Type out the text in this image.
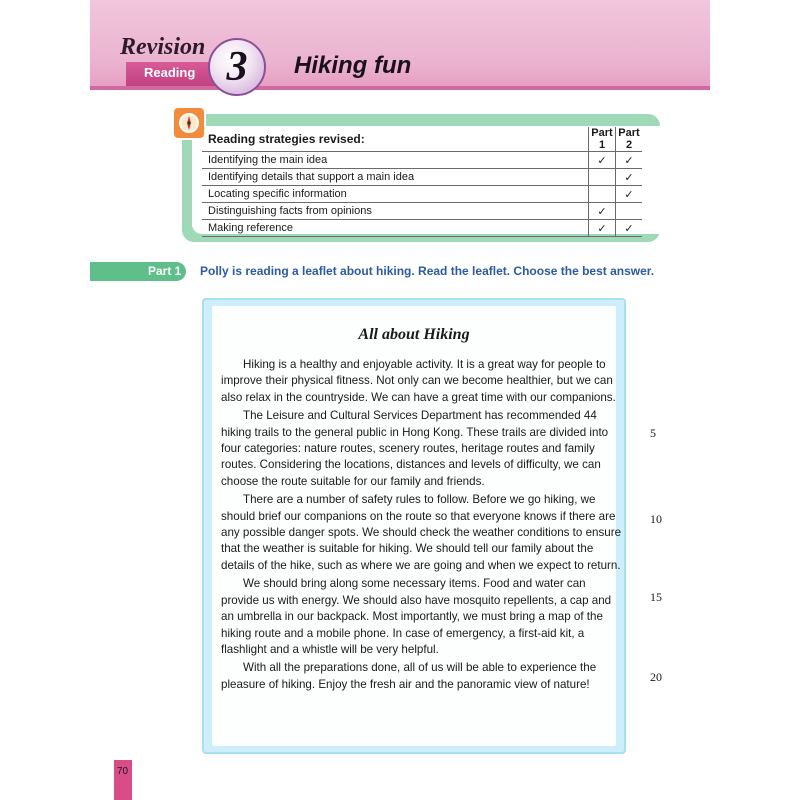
Revision
Reading 3 Hiking fun
Reading strategies revised:	Part 1	Part 2
Identifying the main idea	✓	✓
Identifying details that support a main idea		✓
Locating specific information		✓
Distinguishing facts from opinions	✓	
Making reference	✓	✓
Part 1 Polly is reading a leaflet about hiking. Read the leaflet. Choose the best answer.
All about Hiking

Hiking is a healthy and enjoyable activity. It is a great way for people to improve their physical fitness. Not only can we become healthier, but we can also relax in the countryside. We can have a great time with our companions.

The Leisure and Cultural Services Department has recommended 44 hiking trails to the general public in Hong Kong. These trails are divided into four categories: nature routes, scenery routes, heritage routes and family routes. Considering the locations, distances and levels of difficulty, we can choose the route suitable for our family and friends.

There are a number of safety rules to follow. Before we go hiking, we should brief our companions on the route so that everyone knows if there are any possible danger spots. We should check the weather conditions to ensure that the weather is suitable for hiking. We should tell our family about the details of the hike, such as where we are going and when we expect to return.

We should bring along some necessary items. Food and water can provide us with energy. We should also have mosquito repellents, a cap and an umbrella in our backpack. Most importantly, we must bring a map of the hiking route and a mobile phone. In case of emergency, a first-aid kit, a flashlight and a whistle will be very helpful.

With all the preparations done, all of us will be able to experience the pleasure of hiking. Enjoy the fresh air and the panoramic view of nature!

5
10
15
20
70
